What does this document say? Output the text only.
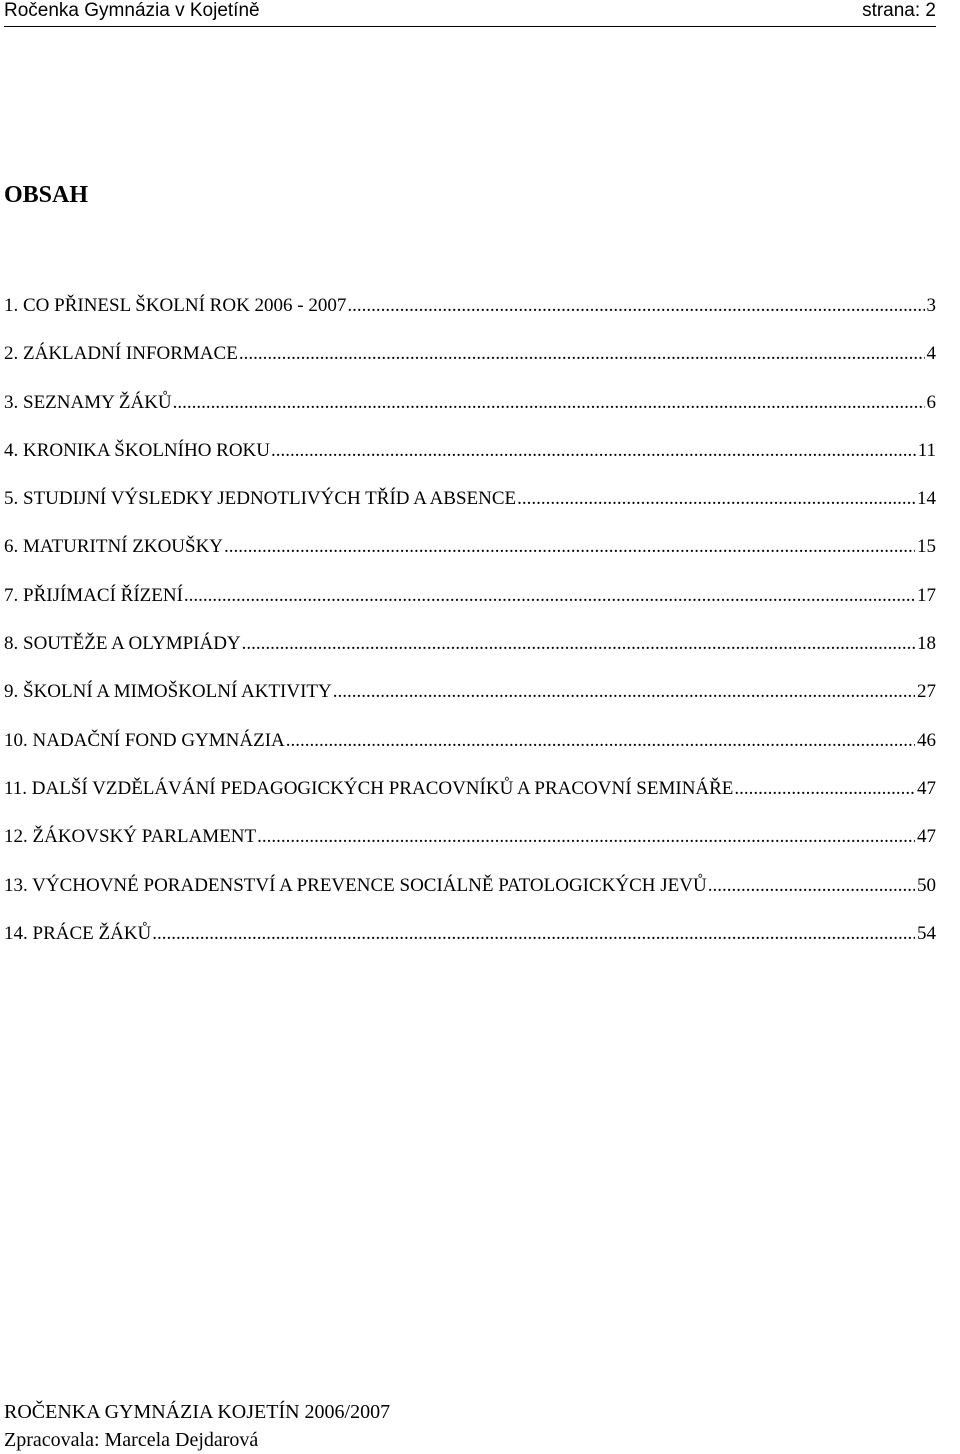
Ročenka Gymnázia v Kojetíně	strana: 2
OBSAH
1. CO PŘINESL ŠKOLNÍ ROK 2006 - 2007 .....	3
2. ZÁKLADNÍ INFORMACE .....	4
3. SEZNAMY ŽÁKŮ .....	6
4. KRONIKA ŠKOLNÍHO ROKU .....	11
5. STUDIJNÍ VÝSLEDKY JEDNOTLIVÝCH TŘÍD A ABSENCE .....	14
6. MATURITNÍ ZKOUŠKY .....	15
7. PŘIJÍMACÍ ŘÍZENÍ .....	17
8. SOUTĚŽE A OLYMPIÁDY .....	18
9. ŠKOLNÍ A MIMOŠKOLNÍ AKTIVITY .....	27
10. NADAČNÍ FOND GYMNÁZIA .....	46
11. DALŠÍ VZDĚLÁVÁNÍ PEDAGOGICKÝCH PRACOVNÍKŮ A PRACOVNÍ SEMINÁŘE .....	47
12. ŽÁKOVSKÝ PARLAMENT .....	47
13. VÝCHOVNÉ PORADENSTVÍ A PREVENCE SOCIÁLNĚ PATOLOGICKÝCH JEVŮ .....	50
14. PRÁCE ŽÁKŮ .....	54
ROČENKA GYMNÁZIA KOJETÍN 2006/2007
Zpracovala: Marcela Dejdarová
